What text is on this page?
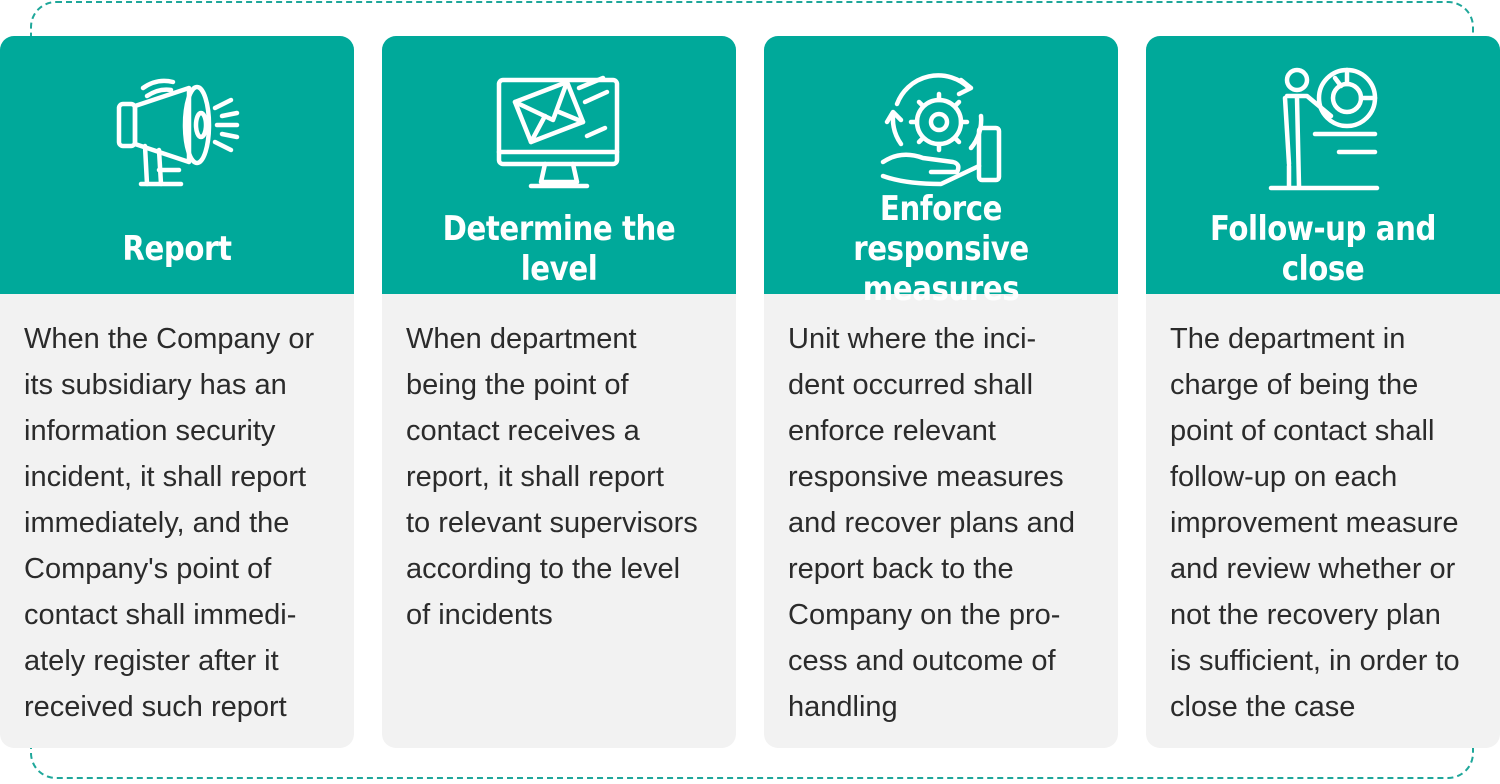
Report
When the Company or
its subsidiary has an
information security
incident, it shall report
immediately, and the
Company's point of
contact shall immedi-
ately register after it
received such report
Determine the level
When department
being the point of
contact receives a
report, it shall report
to relevant supervisors
according to the level
of incidents
Enforce responsive measures
Unit where the inci-
dent occurred shall
enforce relevant
responsive measures
and recover plans and
report back to the
Company on the pro-
cess and outcome of
handling
Follow-up and close
The department in
charge of being the
point of contact shall
follow-up on each
improvement measure
and review whether or
not the recovery plan
is sufficient, in order to
close the case
